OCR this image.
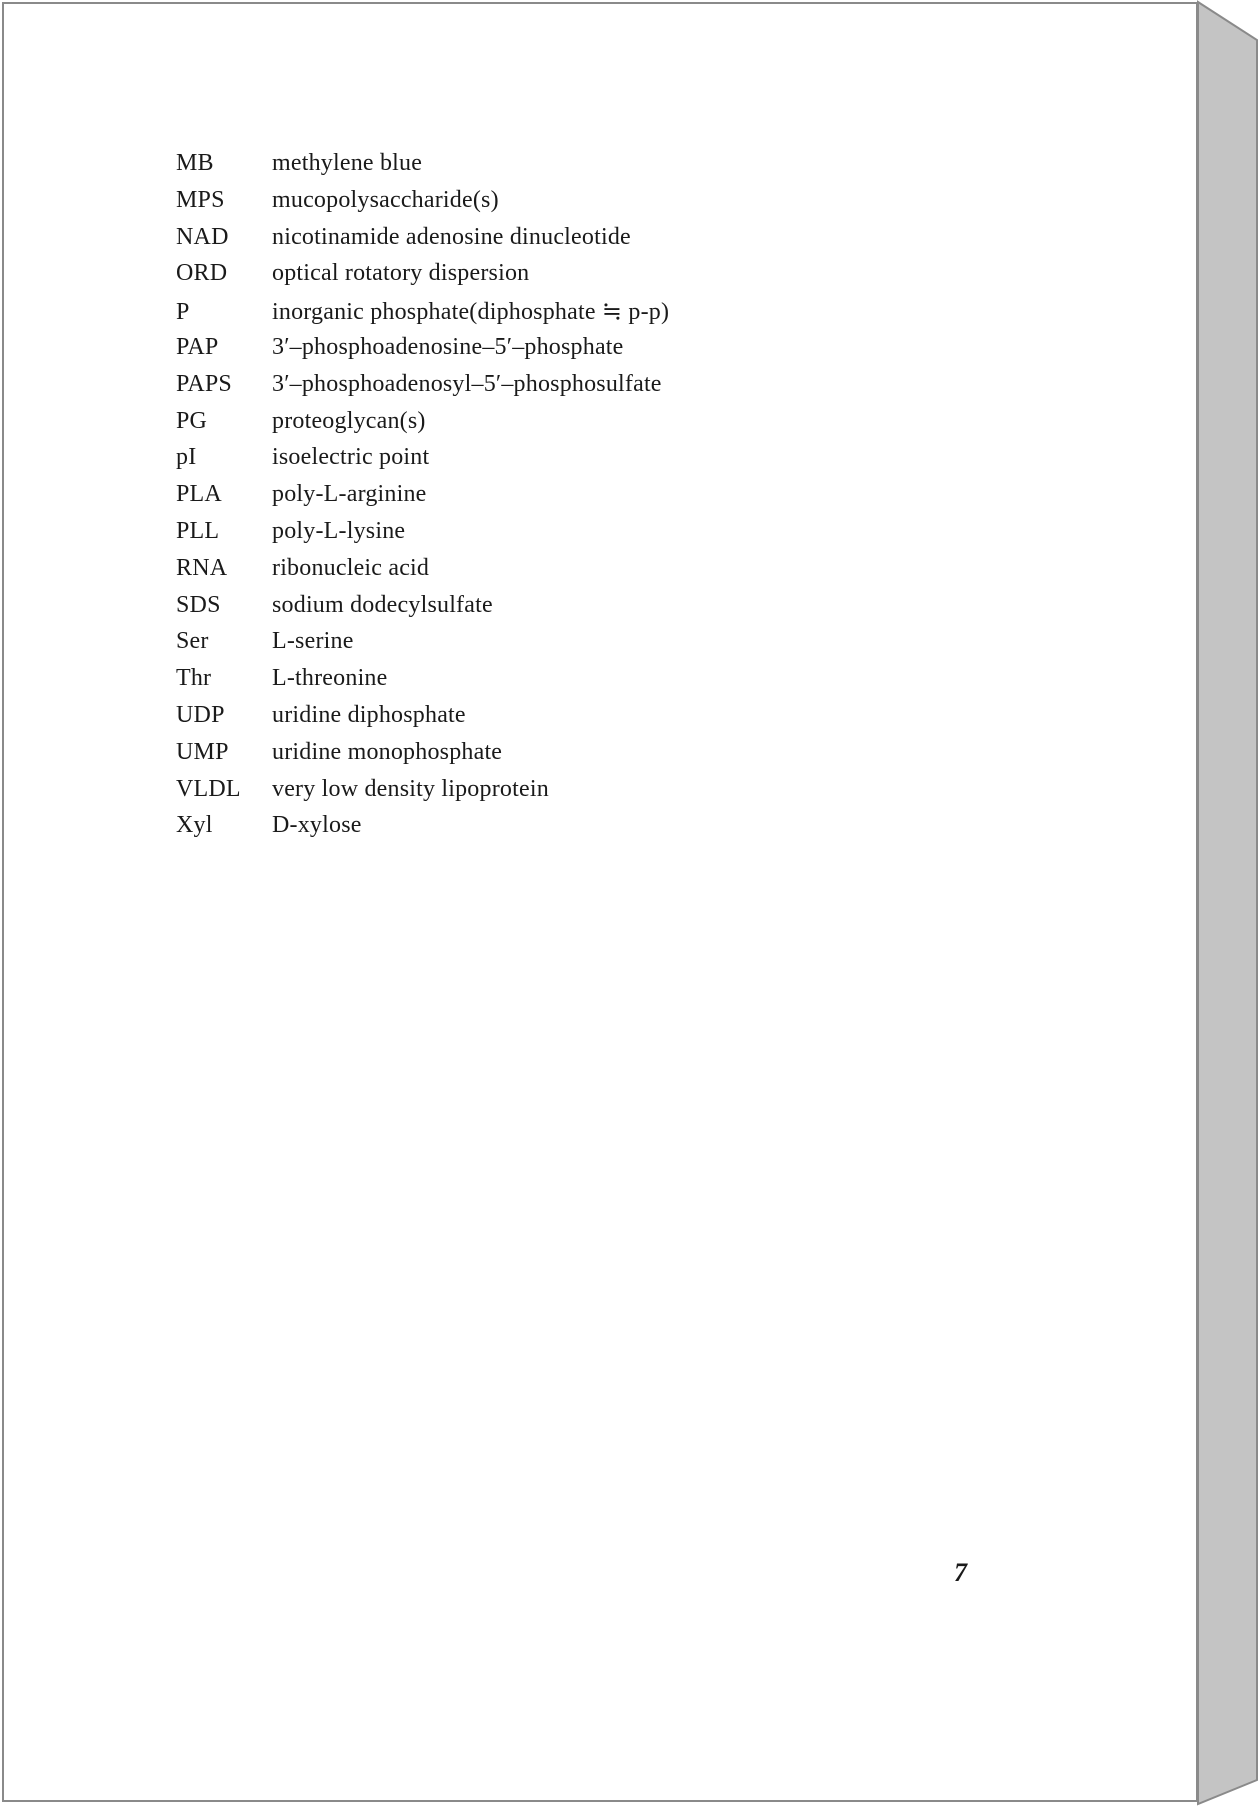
MB	methylene blue
MPS	mucopolysaccharide(s)
NAD	nicotinamide adenosine dinucleotide
ORD	optical rotatory dispersion
P	inorganic phosphate(diphosphate ≒ p-p)
PAP	3′–phosphoadenosine–5′–phosphate
PAPS	3′–phosphoadenosyl–5′–phosphosulfate
PG	proteoglycan(s)
pI	isoelectric point
PLA	poly-L-arginine
PLL	poly-L-lysine
RNA	ribonucleic acid
SDS	sodium dodecylsulfate
Ser	L-serine
Thr	L-threonine
UDP	uridine diphosphate
UMP	uridine monophosphate
VLDL	very low density lipoprotein
Xyl	D-xylose
7
